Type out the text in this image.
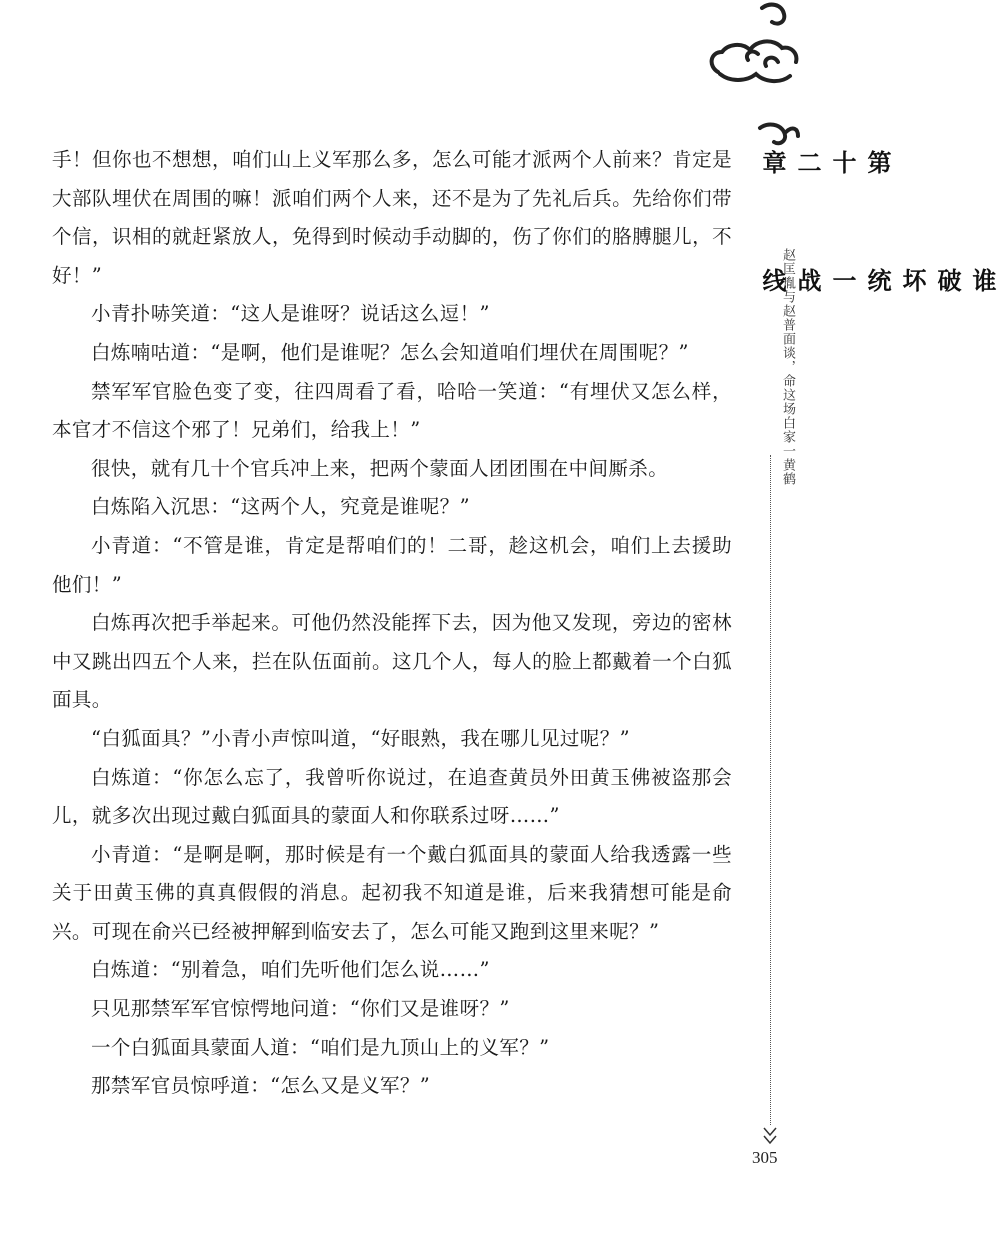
第十二章
谁破坏统一战线
赵匡胤与赵普面谈，命这场白家一黄鹤
305

手！但你也不想想，咱们山上义军那么多，怎么可能才派两个人前来？肯定是大部队埋伏在周围的嘛！派咱们两个人来，还不是为了先礼后兵。先给你们带个信，识相的就赶紧放人，免得到时候动手动脚的，伤了你们的胳膊腿儿，不好！”

小青扑哧笑道：“这人是谁呀？说话这么逗！”

白炼喃咕道：“是啊，他们是谁呢？怎么会知道咱们埋伏在周围呢？”

禁军军官脸色变了变，往四周看了看，哈哈一笑道：“有埋伏又怎么样，本官才不信这个邪了！兄弟们，给我上！”

很快，就有几十个官兵冲上来，把两个蒙面人团团围在中间厮杀。

白炼陷入沉思：“这两个人，究竟是谁呢？”

小青道：“不管是谁，肯定是帮咱们的！二哥，趁这机会，咱们上去援助他们！”

白炼再次把手举起来。可他仍然没能挥下去，因为他又发现，旁边的密林中又跳出四五个人来，拦在队伍面前。这几个人，每人的脸上都戴着一个白狐面具。

“白狐面具？”小青小声惊叫道，“好眼熟，我在哪儿见过呢？”

白炼道：“你怎么忘了，我曾听你说过，在追查黄员外田黄玉佛被盗那会儿，就多次出现过戴白狐面具的蒙面人和你联系过呀……”

小青道：“是啊是啊，那时候是有一个戴白狐面具的蒙面人给我透露一些关于田黄玉佛的真真假假的消息。起初我不知道是谁，后来我猜想可能是俞兴。可现在俞兴已经被押解到临安去了，怎么可能又跑到这里来呢？”

白炼道：“别着急，咱们先听他们怎么说……”

只见那禁军军官惊愕地问道：“你们又是谁呀？”

一个白狐面具蒙面人道：“咱们是九顶山上的义军？”

那禁军官员惊呼道：“怎么又是义军？”
